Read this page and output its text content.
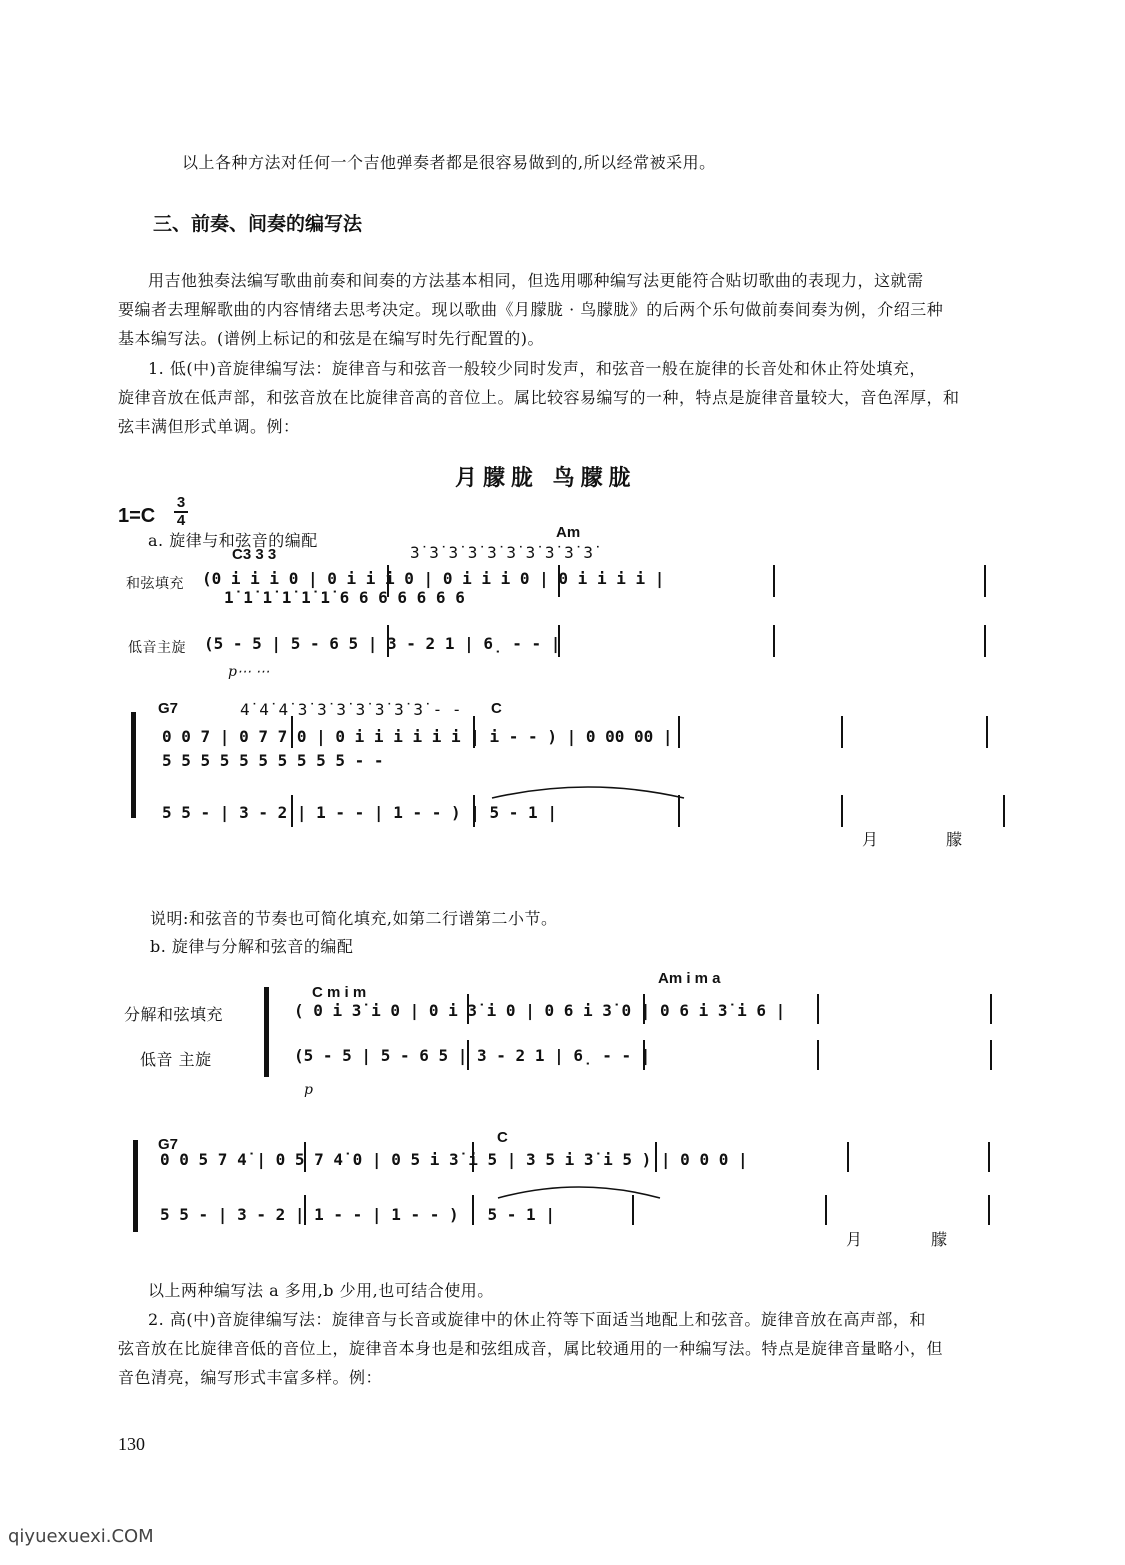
以上各种方法对任何一个吉他弹奏者都是很容易做到的,所以经常被采用。
三、前奏、间奏的编写法
用吉他独奏法编写歌曲前奏和间奏的方法基本相同，但选用哪种编写法更能符合贴切歌曲的表现力，这就需
要编者去理解歌曲的内容情绪去思考决定。现以歌曲《月朦胧 · 鸟朦胧》的后两个乐句做前奏间奏为例，介绍三种
基本编写法。(谱例上标记的和弦是在编写时先行配置的)。
1. 低(中)音旋律编写法：旋律音与和弦音一般较少同时发声，和弦音一般在旋律的长音处和休止符处填充，
旋律音放在低声部，和弦音放在比旋律音高的音位上。属比较容易编写的一种，特点是旋律音量较大，音色浑厚，和
弦丰满但形式单调。例：
月朦胧 鸟朦胧
1=C
3
4
a. 旋律与和弦音的编配
C3 3 3
Am
3̇ 3̇ 3̇ 3̇ 3̇ 3̇ 3̇ 3̇ 3̇ 3̇
和弦填充 (0 i i i 0 | 0 i i i 0 | 0 i i i 0 | 0 i i i i |
1̇ 1̇ 1̇ 1̇ 1̇ 1̇ 6 6 6 6 6 6 6
低音主旋 (5 - 5 | 5 - 6 5 | 3 - 2 1 | 6̣ - - |
p⋯ ⋯
G7	C
4̇ 4̇ 4̇ 3̇ 3̇ 3̇ 3̇ 3̇ 3̇ 3̇ - -
0 0 7 | 0 7 7 0 | 0 i i i i i i | i - - ) | 0 00 00 |
5 5 5 5 5 5 5 5 5 5 - -
5 5 - | 3 - 2 | 1 - - | 1 - - ) | 5 - 1 |
月	朦
说明:和弦音的节奏也可简化填充,如第二行谱第二小节。
b. 旋律与分解和弦音的编配
C m i m
Am i m a
分解和弦填充	( 0 i 3̇ i 0 | 0 i 3̇ i 0 | 0 6 i 3̇ 0 | 0 6 i 3̇ i 6 |
低音 主旋	(5 - 5 | 5 - 6 5 | 3 - 2 1 | 6̣ - - |
p
G7	C
0 0 5 7 4̇ | 0 5 7 4̇ 0 | 0 5 i 3̇ i 5 | 3 5 i 3̇ i 5 ) | 0 0 0 |
5 5 - | 3 - 2 | 1 - - | 1 - - ) | 5 - 1 |
月	朦
以上两种编写法 a 多用,b 少用,也可结合使用。
2. 高(中)音旋律编写法：旋律音与长音或旋律中的休止符等下面适当地配上和弦音。旋律音放在高声部，和
弦音放在比旋律音低的音位上，旋律音本身也是和弦组成音，属比较通用的一种编写法。特点是旋律音量略小，但
音色清亮，编写形式丰富多样。例：
130
qiyuexuexi.COM
